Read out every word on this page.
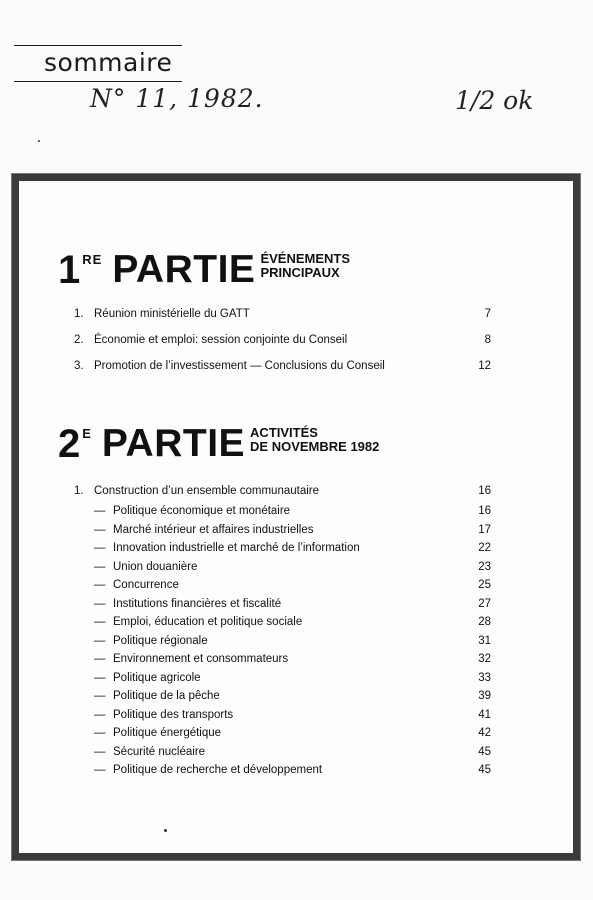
sommaire
N° 11, 1982.	1/2 ok
1 RE PARTIE ÉVÉNEMENTS
PRINCIPAUX
1. Réunion ministérielle du GATT	7
2. Économie et emploi: session conjointe du Conseil	8
3. Promotion de l’investissement — Conclusions du Conseil	12
2 E PARTIE ACTIVITÉS
DE NOVEMBRE 1982
1. Construction d’un ensemble communautaire	16
— Politique économique et monétaire	16
— Marché intérieur et affaires industrielles	17
— Innovation industrielle et marché de l’information	22
— Union douanière	23
— Concurrence	25
— Institutions financières et fiscalité	27
— Emploi, éducation et politique sociale	28
— Politique régionale	31
— Environnement et consommateurs	32
— Politique agricole	33
— Politique de la pêche	39
— Politique des transports	41
— Politique énergétique	42
— Sécurité nucléaire	45
— Politique de recherche et développement	45
